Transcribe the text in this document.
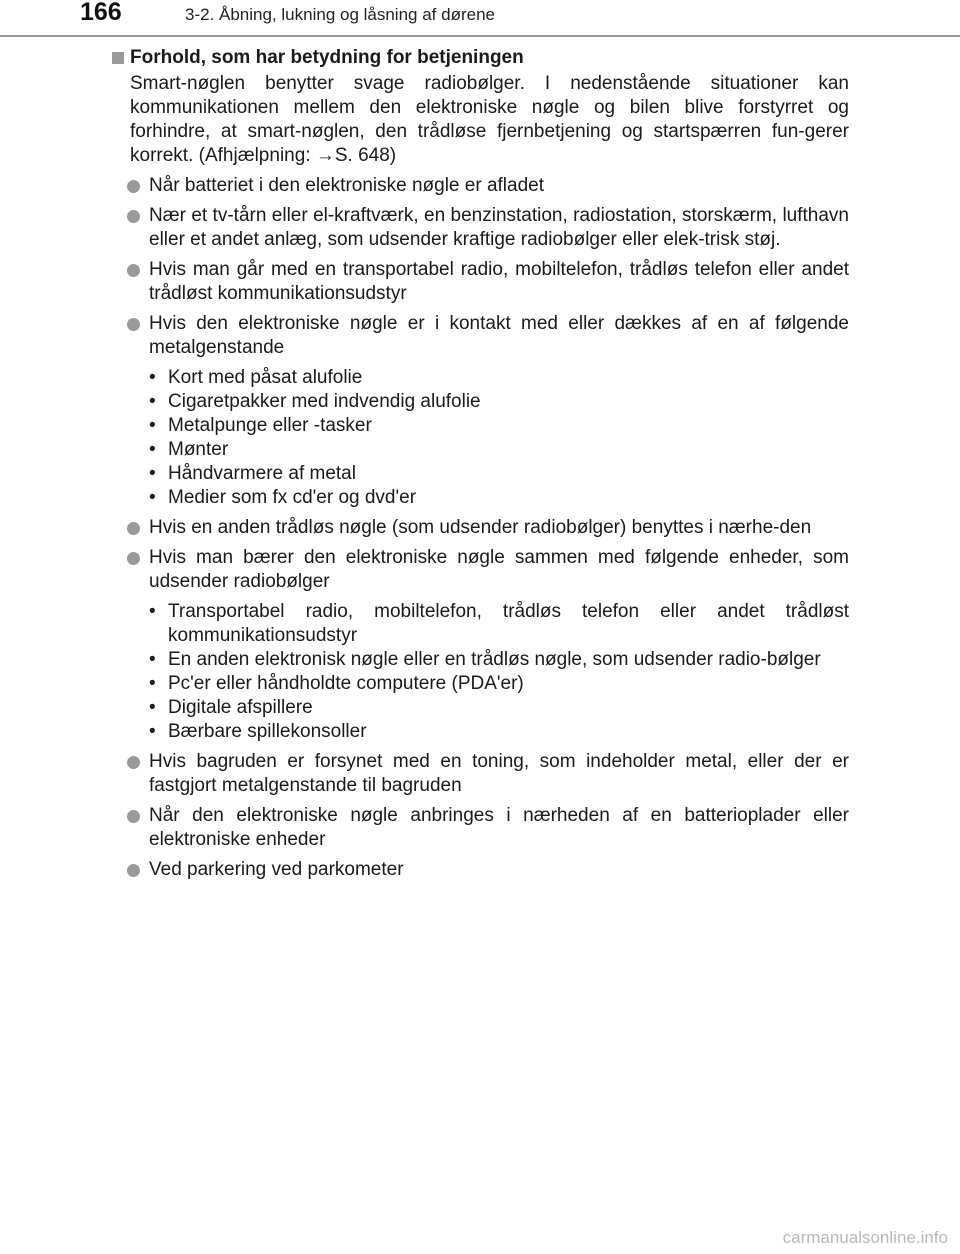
166	3-2. Åbning, lukning og låsning af dørene
Forhold, som har betydning for betjeningen
Smart-nøglen benytter svage radiobølger. I nedenstående situationer kan kommunikationen mellem den elektroniske nøgle og bilen blive forstyrret og forhindre, at smart-nøglen, den trådløse fjernbetjening og startspærren fun-gerer korrekt. (Afhjælpning: →S. 648)
Når batteriet i den elektroniske nøgle er afladet
Nær et tv-tårn eller el-kraftværk, en benzinstation, radiostation, storskærm, lufthavn eller et andet anlæg, som udsender kraftige radiobølger eller elek-trisk støj.
Hvis man går med en transportabel radio, mobiltelefon, trådløs telefon eller andet trådløst kommunikationsudstyr
Hvis den elektroniske nøgle er i kontakt med eller dækkes af en af følgende metalgenstande
• Kort med påsat alufolie
• Cigaretpakker med indvendig alufolie
• Metalpunge eller -tasker
• Mønter
• Håndvarmere af metal
• Medier som fx cd'er og dvd'er
Hvis en anden trådløs nøgle (som udsender radiobølger) benyttes i nærhe-den
Hvis man bærer den elektroniske nøgle sammen med følgende enheder, som udsender radiobølger
• Transportabel radio, mobiltelefon, trådløs telefon eller andet trådløst kommunikationsudstyr
• En anden elektronisk nøgle eller en trådløs nøgle, som udsender radio-bølger
• Pc'er eller håndholdte computere (PDA'er)
• Digitale afspillere
• Bærbare spillekonsoller
Hvis bagruden er forsynet med en toning, som indeholder metal, eller der er fastgjort metalgenstande til bagruden
Når den elektroniske nøgle anbringes i nærheden af en batterioplader eller elektroniske enheder
Ved parkering ved parkometer
carmanualsonline.info
